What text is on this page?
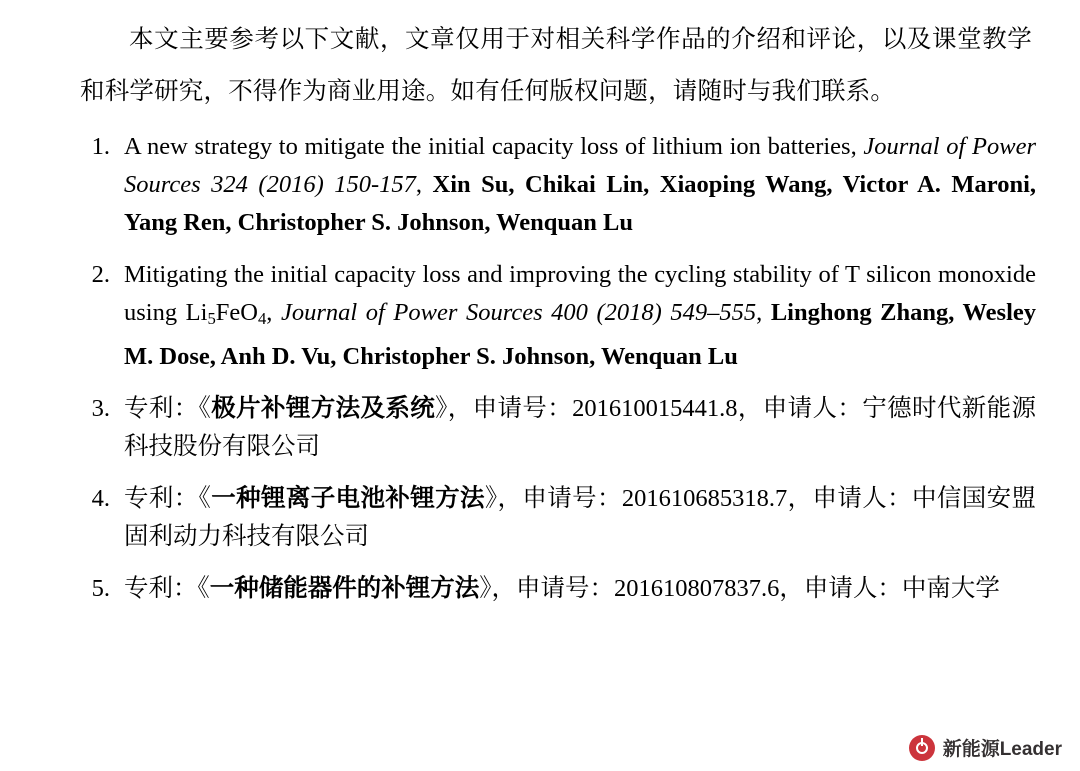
本文主要参考以下文献，文章仅用于对相关科学作品的介绍和评论，以及课堂教学和科学研究，不得作为商业用途。如有任何版权问题，请随时与我们联系。

1. A new strategy to mitigate the initial capacity loss of lithium ion batteries, Journal of Power Sources 324 (2016) 150-157, Xin Su, Chikai Lin, Xiaoping Wang, Victor A. Maroni, Yang Ren, Christopher S. Johnson, Wenquan Lu
2. Mitigating the initial capacity loss and improving the cycling stability of T silicon monoxide using $Li_5FeO_4$, Journal of Power Sources 400 (2018) 549–555, Linghong Zhang, Wesley M. Dose, Anh D. Vu, Christopher S. Johnson, Wenquan Lu
3. 专利：《极片补锂方法及系统》，申请号：201610015441.8，申请人：宁德时代新能源科技股份有限公司
4. 专利：《一种锂离子电池补锂方法》，申请号：201610685318.7，申请人：中信国安盟固利动力科技有限公司
5. 专利：《一种储能器件的补锂方法》，申请号：201610807837.6，申请人：中南大学
新能源Leader
